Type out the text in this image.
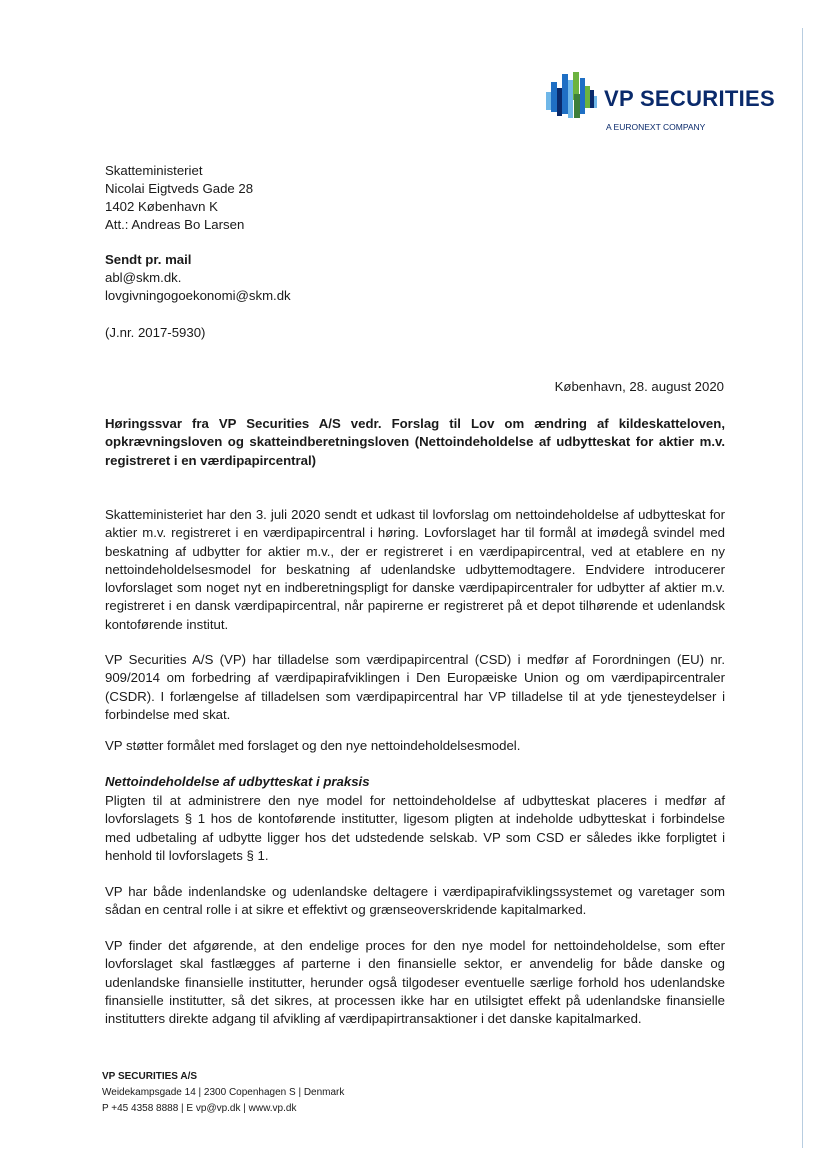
VP SECURITIES
A EURONEXT COMPANY
Skatteministeriet
Nicolai Eigtveds Gade 28
1402 København K
Att.: Andreas Bo Larsen
Sendt pr. mail
abl@skm.dk.
lovgivningogoekonomi@skm.dk
(J.nr. 2017-5930)
København, 28. august 2020
Høringssvar fra VP Securities A/S vedr. Forslag til Lov om ændring af kildeskatteloven, opkrævningsloven og skatteindberetningsloven (Nettoindeholdelse af udbytteskat for aktier m.v. registreret i en værdipapircentral)

Skatteministeriet har den 3. juli 2020 sendt et udkast til lovforslag om nettoindeholdelse af udbytteskat for aktier m.v. registreret i en værdipapircentral i høring. Lovforslaget har til formål at imødegå svindel med beskatning af udbytter for aktier m.v., der er registreret i en værdipapircentral, ved at etablere en ny nettoindeholdelsesmodel for beskatning af udenlandske udbyttemodtagere. Endvidere introducerer lovforslaget som noget nyt en indberetningspligt for danske værdipapircentraler for udbytter af aktier m.v. registreret i en dansk værdipapircentral, når papirerne er registreret på et depot tilhørende et udenlandsk kontoførende institut.

VP Securities A/S (VP) har tilladelse som værdipapircentral (CSD) i medfør af Forordningen (EU) nr. 909/2014 om forbedring af værdipapirafviklingen i Den Europæiske Union og om værdipapircentraler (CSDR). I forlængelse af tilladelsen som værdipapircentral har VP tilladelse til at yde tjenesteydelser i forbindelse med skat.

VP støtter formålet med forslaget og den nye nettoindeholdelsesmodel.

Nettoindeholdelse af udbytteskat i praksis

Pligten til at administrere den nye model for nettoindeholdelse af udbytteskat placeres i medfør af lovforslagets § 1 hos de kontoførende institutter, ligesom pligten at indeholde udbytteskat i forbindelse med udbetaling af udbytte ligger hos det udstedende selskab. VP som CSD er således ikke forpligtet i henhold til lovforslagets § 1.

VP har både indenlandske og udenlandske deltagere i værdipapirafviklingssystemet og varetager som sådan en central rolle i at sikre et effektivt og grænseoverskridende kapitalmarked.

VP finder det afgørende, at den endelige proces for den nye model for nettoindeholdelse, som efter lovforslaget skal fastlægges af parterne i den finansielle sektor, er anvendelig for både danske og udenlandske finansielle institutter, herunder også tilgodeser eventuelle særlige forhold hos udenlandske finansielle institutter, så det sikres, at processen ikke har en utilsigtet effekt på udenlandske finansielle institutters direkte adgang til afvikling af værdipapirtransaktioner i det danske kapitalmarked.

VP SECURITIES A/S
Weidekampsgade 14 | 2300 Copenhagen S | Denmark
P +45 4358 8888 | E vp@vp.dk | www.vp.dk
